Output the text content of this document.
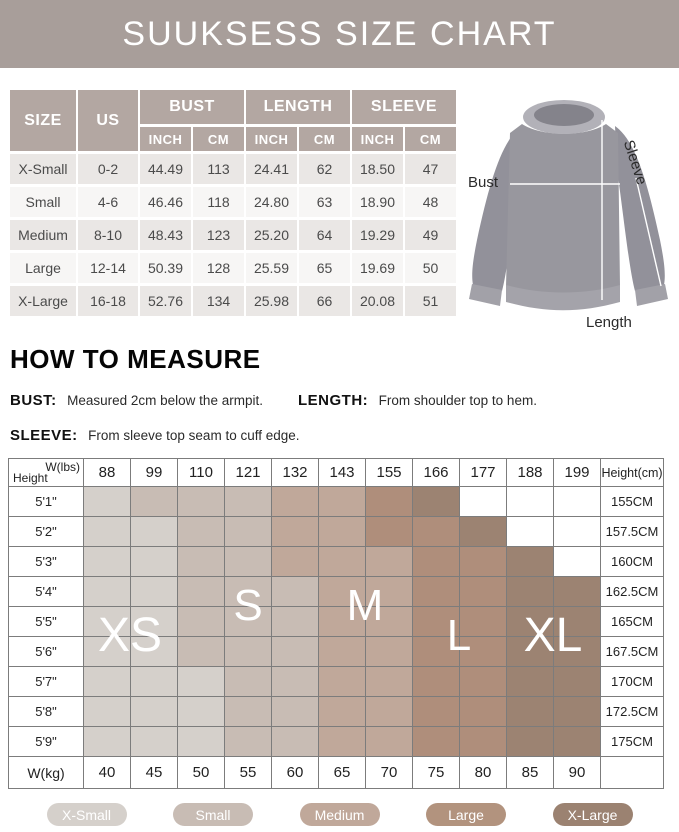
SUUKSESS SIZE CHART
SIZE	US	BUST		LENGTH		SLEEVE	
		INCH	CM	INCH	CM	INCH	CM
X-Small	0-2	44.49	113	24.41	62	18.50	47
Small	4-6	46.46	118	24.80	63	18.90	48
Medium	8-10	48.43	123	25.20	64	19.29	49
Large	12-14	50.39	128	25.59	65	19.69	50
X-Large	16-18	52.76	134	25.98	66	20.08	51
Bust	Sleeve
Length
HOW TO MEASURE
BUST: Measured 2cm below the armpit. LENGTH: From shoulder top to hem.
SLEEVE: From sleeve top seam to cuff edge.
W(lbs)
Height	88	99	110	121	132	143	155	166	177	188	199	Height(cm)
5'1"												155CM
5'2"												157.5CM
5'3"												160CM
5'4"												162.5CM
5'5"												165CM
5'6"												167.5CM
5'7"												170CM
5'8"												172.5CM
5'9"												175CM
W(kg)	40	45	50	55	60	65	70	75	80	85	90	
XS
S M
L XL
X-Small	Small	Medium	Large	X-Large
